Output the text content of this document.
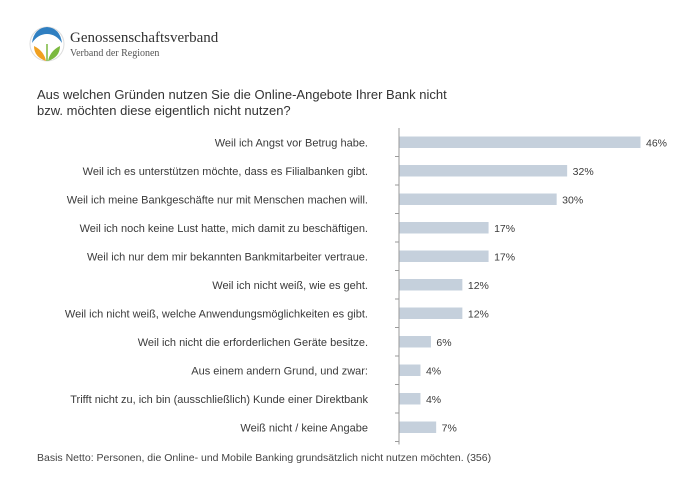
Genossenschaftsverband
Verband der Regionen
Aus welchen Gründen nutzen Sie die Online-Angebote Ihrer Bank nicht
bzw. möchten diese eigentlich nicht nutzen?
Weil ich Angst vor Betrug habe.	46%
Weil ich es unterstützen möchte, dass es Filialbanken gibt.	32%
Weil ich meine Bankgeschäfte nur mit Menschen machen will.	30%
Weil ich noch keine Lust hatte, mich damit zu beschäftigen.	17%
Weil ich nur dem mir bekannten Bankmitarbeiter vertraue.	17%
Weil ich nicht weiß, wie es geht.	12%
Weil ich nicht weiß, welche Anwendungsmöglichkeiten es gibt.	12%
Weil ich nicht die erforderlichen Geräte besitze.	6%
Aus einem andern Grund, und zwar:	4%
Trifft nicht zu, ich bin (ausschließlich) Kunde einer Direktbank	4%
Weiß nicht / keine Angabe	7%
Basis Netto: Personen, die Online- und Mobile Banking grundsätzlich nicht nutzen möchten. (356)
